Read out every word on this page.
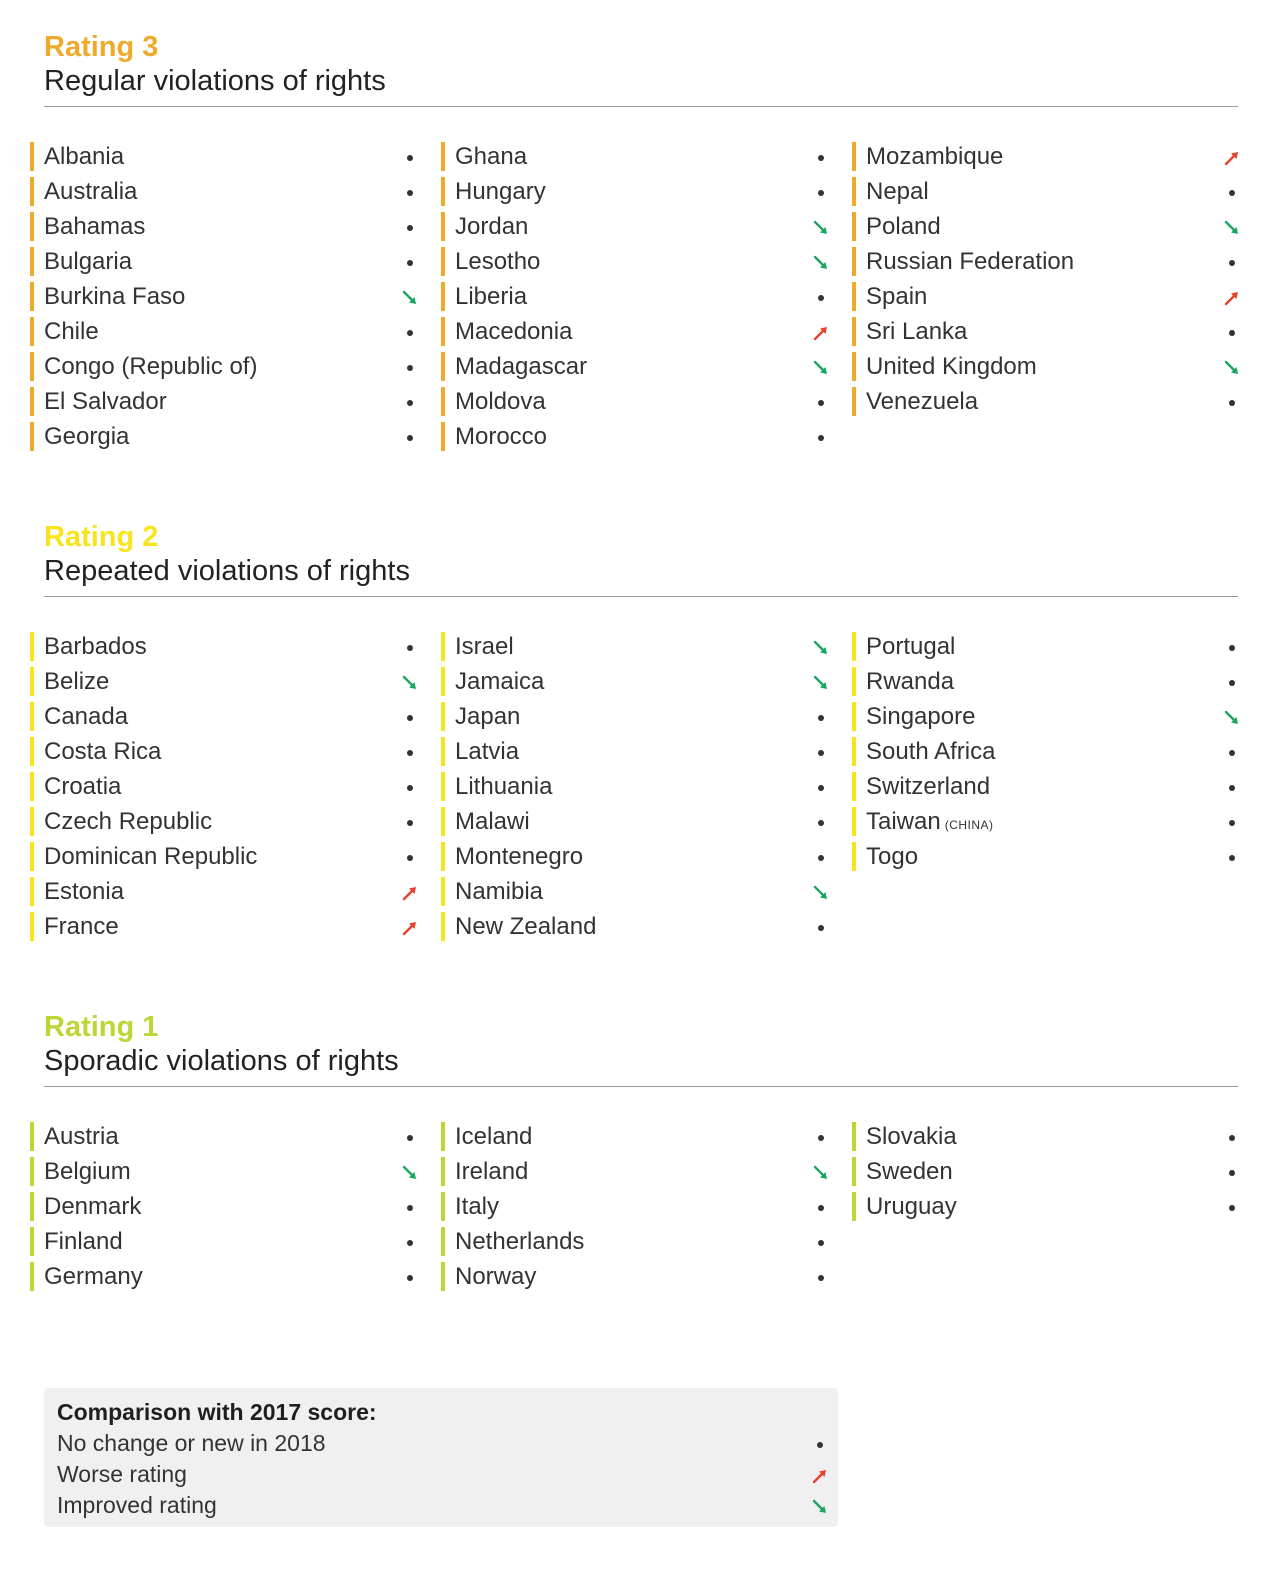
Rating 3
Regular violations of rights
Albania
Australia
Bahamas
Bulgaria
Burkina Faso
Chile
Congo (Republic of)
El Salvador
Georgia
Ghana
Hungary
Jordan
Lesotho
Liberia
Macedonia
Madagascar
Moldova
Morocco
Mozambique
Nepal
Poland
Russian Federation
Spain
Sri Lanka
United Kingdom
Venezuela
Rating 2
Repeated violations of rights
Barbados
Belize
Canada
Costa Rica
Croatia
Czech Republic
Dominican Republic
Estonia
France
Israel
Jamaica
Japan
Latvia
Lithuania
Malawi
Montenegro
Namibia
New Zealand
Portugal
Rwanda
Singapore
South Africa
Switzerland
Taiwan (CHINA)
Togo
Rating 1
Sporadic violations of rights
Austria
Belgium
Denmark
Finland
Germany
Iceland
Ireland
Italy
Netherlands
Norway
Slovakia
Sweden
Uruguay
Comparison with 2017 score:
No change or new in 2018
Worse rating
Improved rating
